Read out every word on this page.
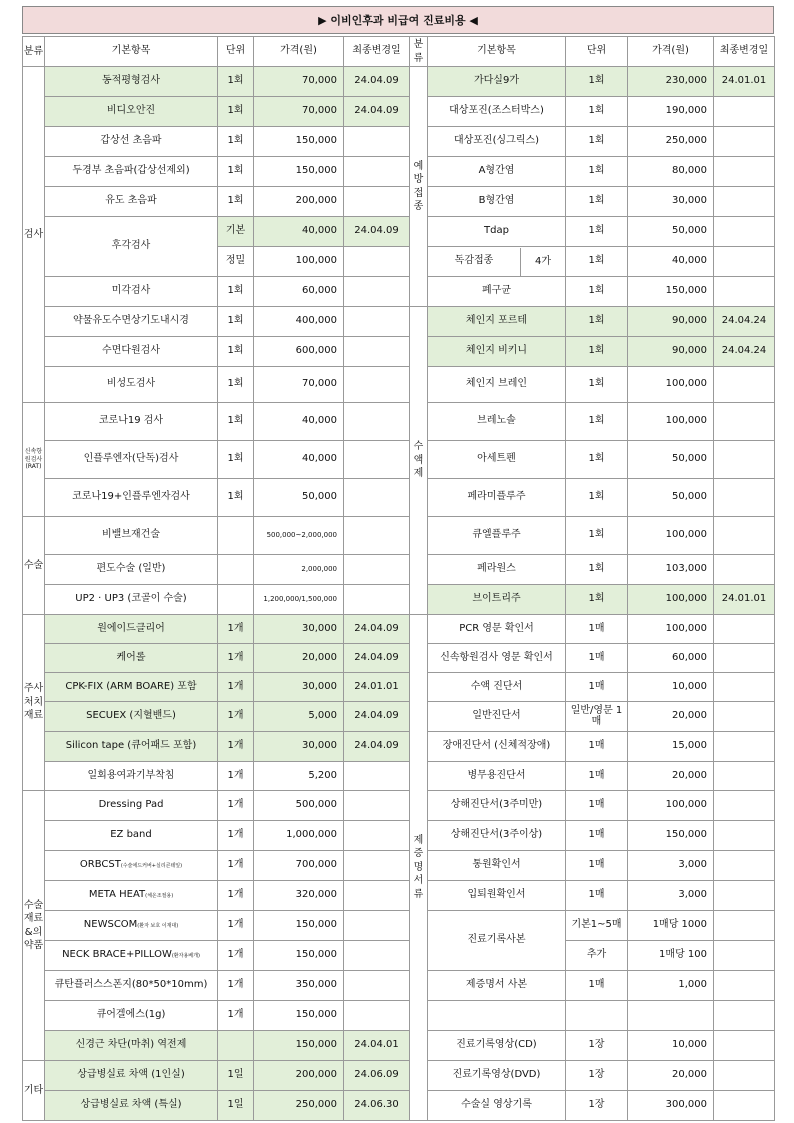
▶ 이비인후과 비급여 진료비용 ◀
분류	기본항목	단위	가격(원)	최종변경일	분류	기본항목	단위	가격(원)	최종변경일
검사	동적평형검사	1회	70,000	24.04.09	예방접종	가다실9가	1회	230,000	24.01.01
	비디오안진	1회	70,000	24.04.09		대상포진(조스터박스)	1회	190,000	
	갑상선 초음파	1회	150,000			대상포진(싱그릭스)	1회	250,000	
	두경부 초음파(갑상선제외)	1회	150,000			A형간염	1회	80,000	
	유도 초음파	1회	200,000			B형간염	1회	30,000	
	후각검사	기본	40,000	24.04.09		Tdap	1회	50,000	
		정밀	100,000			독감접종 4가	1회	40,000	
	미각검사	1회	60,000			폐구균	1회	150,000	
	약물유도수면상기도내시경	1회	400,000		수액제	체인지 포르테	1회	90,000	24.04.24
	수면다원검사	1회	600,000			체인지 비키니	1회	90,000	24.04.24
	비성도검사	1회	70,000			체인지 브레인	1회	100,000	
신속항원검사(RAT)	코로나19 검사	1회	40,000			브레노솔	1회	100,000	
	인플루엔자(단독)검사	1회	40,000			아세트펜	1회	50,000	
	코로나19+인플루엔자검사	1회	50,000			페라미플루주	1회	50,000	
수술	비밸브재건술		500,000~2,000,000			큐엘플루주	1회	100,000	
	편도수술 (일반)		2,000,000			페라원스	1회	103,000	
	UP2 · UP3 (코골이 수술)		1,200,000/1,500,000			브이트리주	1회	100,000	24.01.01
주사처치재료	원에이드클리어	1개	30,000	24.04.09	제증명서류	PCR 영문 확인서	1매	100,000	
	케어롤	1개	20,000	24.04.09		신속항원검사 영문 확인서	1매	60,000	
	CPK-FIX (ARM BOARE) 포함	1개	30,000	24.01.01		수액 진단서	1매	10,000	
	SECUEX (지혈밴드)	1개	5,000	24.04.09		일반진단서	일반/영문 1매	20,000	
	Silicon tape (큐어패드 포함)	1개	30,000	24.04.09		장애진단서 (신체적장애)	1매	15,000	
	일회용여과기부착침	1개	5,200			병무용진단서	1매	20,000	
수술재료&의약품	Dressing Pad	1개	500,000			상해진단서(3주미만)	1매	100,000	
	EZ band	1개	1,000,000			상해진단서(3주이상)	1매	150,000	
	ORBCST(수술에드커버+실리콘테잎)	1개	700,000			통원확인서	1매	3,000	
	META HEAT(체온조절용)	1개	320,000			입퇴원확인서	1매	3,000	
	NEWSCOM(환자 보호 이재대)	1개	150,000			진료기록사본	기본1~5매	1매당 1000	
	NECK BRACE+PILLOW(환자용베개)	1개	150,000				추가	1매당 100	
	큐탄플러스스폰지(80*50*10mm)	1개	350,000			제증명서 사본	1매	1,000	
	큐어겔에스(1g)	1개	150,000						
	신경근 차단(마취) 역전제		150,000	24.04.01		진료기록영상(CD)	1장	10,000	
기타	상급병실료 차액 (1인실)	1일	200,000	24.06.09		진료기록영상(DVD)	1장	20,000	
	상급병실료 차액 (특실)	1일	250,000	24.06.30		수술실 영상기록	1장	300,000	
